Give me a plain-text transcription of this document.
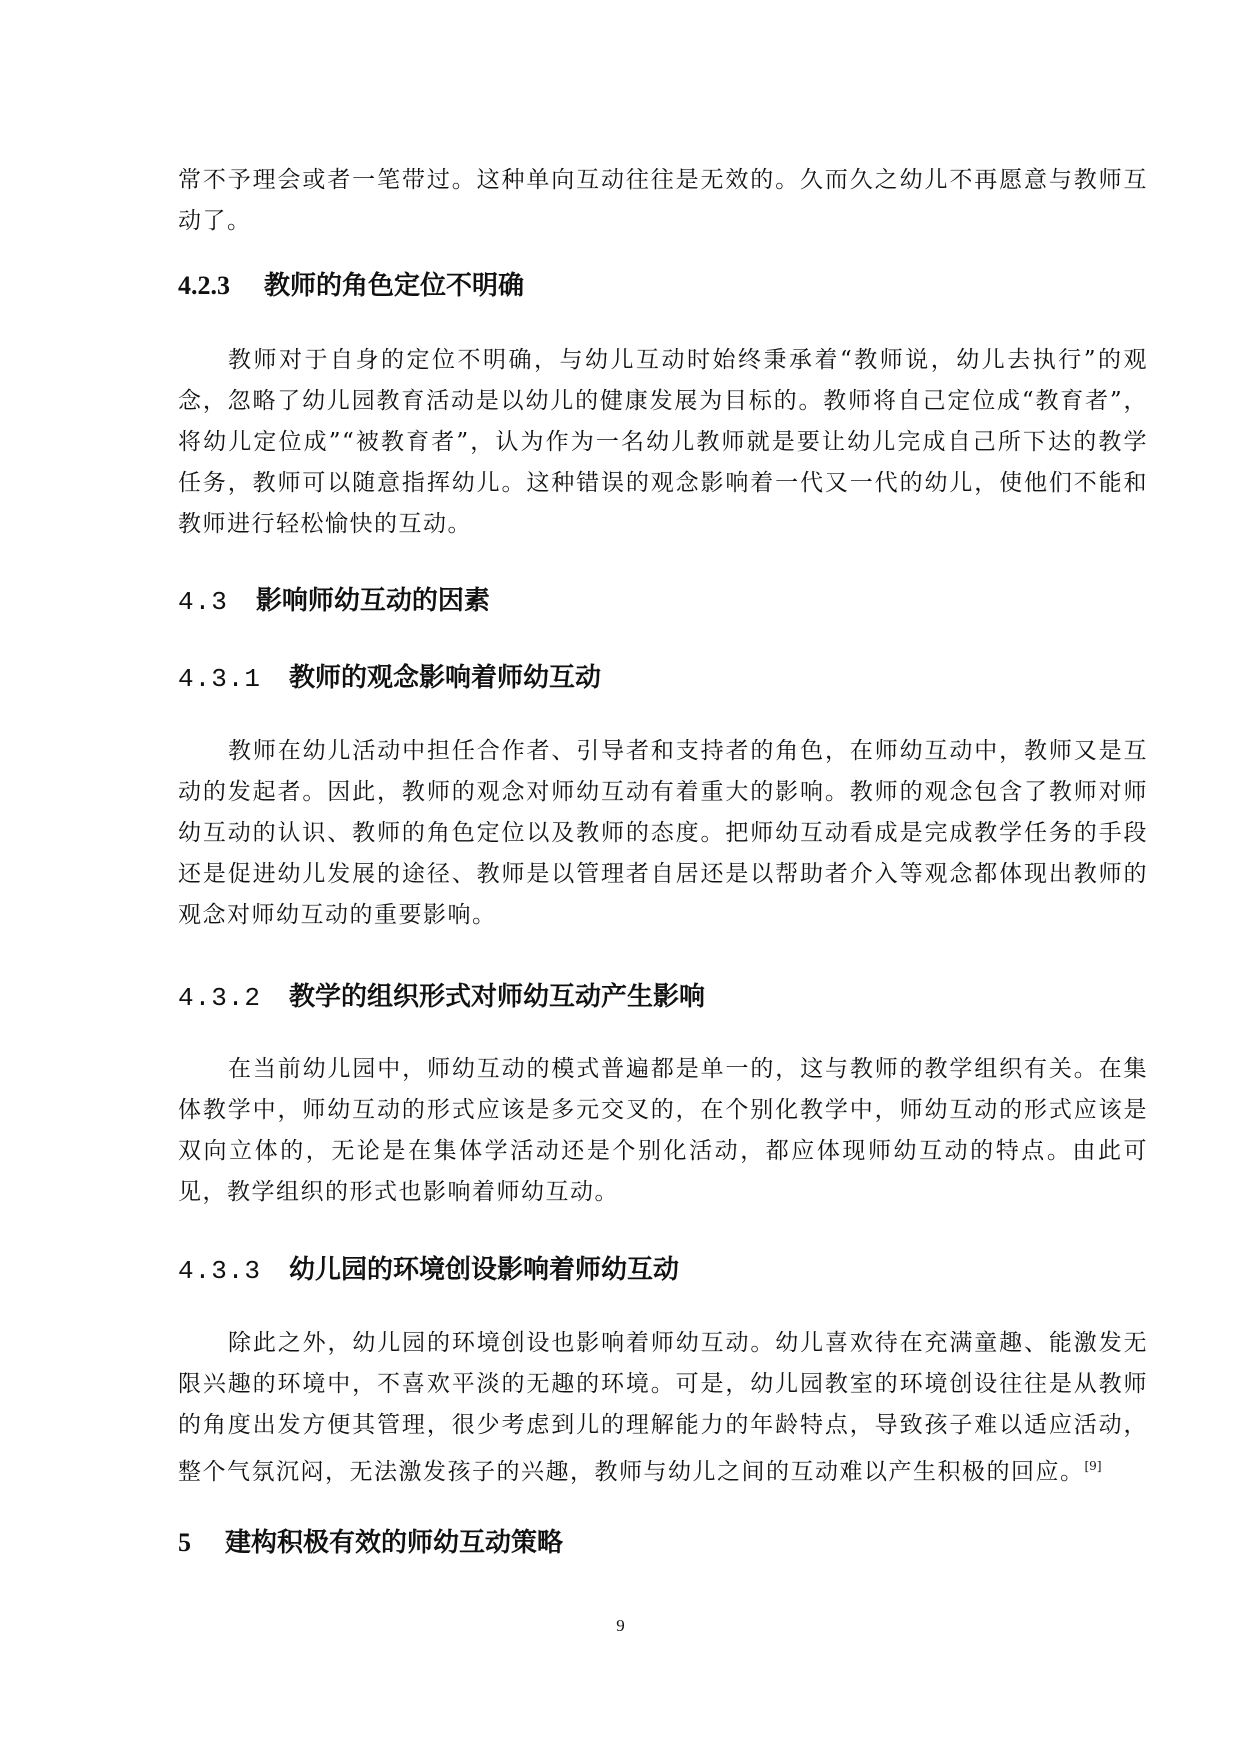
常不予理会或者一笔带过。这种单向互动往往是无效的。久而久之幼儿不再愿意与教师互动了。

4.2.3 教师的角色定位不明确

教师对于自身的定位不明确，与幼儿互动时始终秉承着“教师说，幼儿去执行”的观念，忽略了幼儿园教育活动是以幼儿的健康发展为目标的。教师将自己定位成“教育者”，将幼儿定位成”“被教育者”，认为作为一名幼儿教师就是要让幼儿完成自己所下达的教学任务，教师可以随意指挥幼儿。这种错误的观念影响着一代又一代的幼儿，使他们不能和教师进行轻松愉快的互动。

4.3 影响师幼互动的因素
4.3.1 教师的观念影响着师幼互动

教师在幼儿活动中担任合作者、引导者和支持者的角色，在师幼互动中，教师又是互动的发起者。因此，教师的观念对师幼互动有着重大的影响。教师的观念包含了教师对师幼互动的认识、教师的角色定位以及教师的态度。把师幼互动看成是完成教学任务的手段还是促进幼儿发展的途径、教师是以管理者自居还是以帮助者介入等观念都体现出教师的观念对师幼互动的重要影响。

4.3.2 教学的组织形式对师幼互动产生影响

在当前幼儿园中，师幼互动的模式普遍都是单一的，这与教师的教学组织有关。在集体教学中，师幼互动的形式应该是多元交叉的，在个别化教学中，师幼互动的形式应该是双向立体的，无论是在集体学活动还是个别化活动，都应体现师幼互动的特点。由此可见，教学组织的形式也影响着师幼互动。

4.3.3 幼儿园的环境创设影响着师幼互动

除此之外，幼儿园的环境创设也影响着师幼互动。幼儿喜欢待在充满童趣、能激发无限兴趣的环境中，不喜欢平淡的无趣的环境。可是，幼儿园教室的环境创设往往是从教师的角度出发方便其管理，很少考虑到儿的理解能力的年龄特点，导致孩子难以适应活动，整个气氛沉闷，无法激发孩子的兴趣，教师与幼儿之间的互动难以产生积极的回应。[9]

5 建构积极有效的师幼互动策略
9
